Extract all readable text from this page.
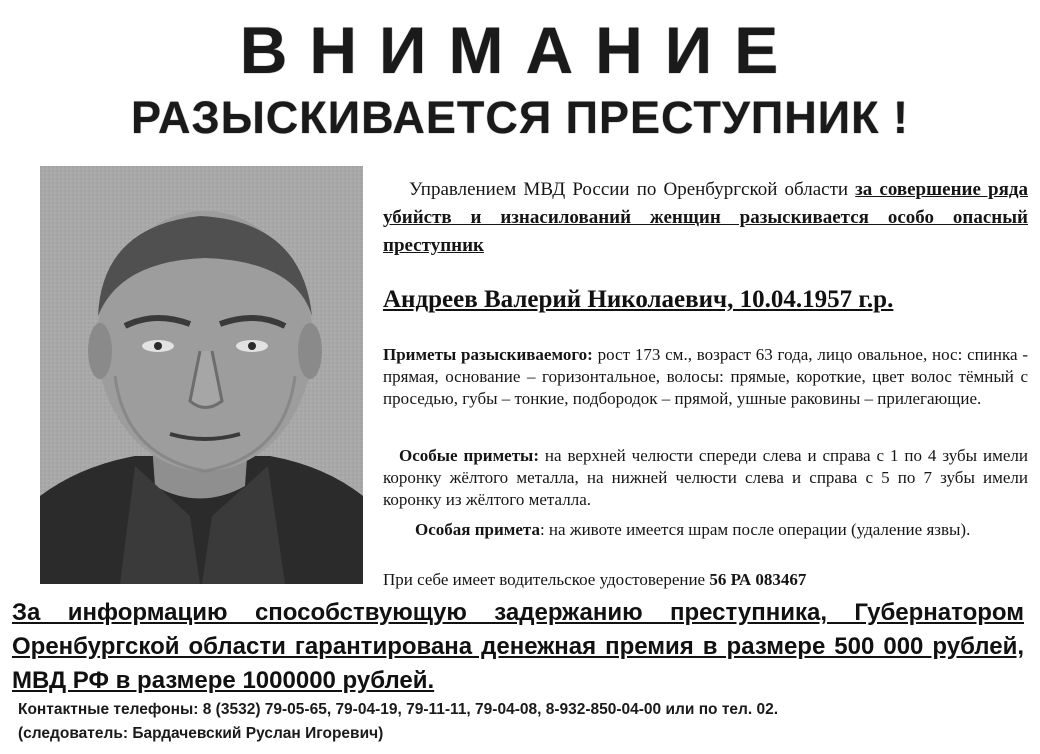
ВНИМАНИЕ
РАЗЫСКИВАЕТСЯ ПРЕСТУПНИК !
Управлением МВД России по Оренбургской области за совершение ряда убийств и изнасилований женщин разыскивается особо опасный преступник
Андреев Валерий Николаевич, 10.04.1957 г.р.
Приметы разыскиваемого: рост 173 см., возраст 63 года, лицо овальное, нос: спинка - прямая, основание – горизонтальное, волосы: прямые, короткие, цвет волос тёмный с проседью, губы – тонкие, подбородок – прямой, ушные раковины – прилегающие.
Особые приметы: на верхней челюсти спереди слева и справа с 1 по 4 зубы имели коронку жёлтого металла, на нижней челюсти слева и справа с 5 по 7 зубы имели коронку из жёлтого металла.
Особая примета: на животе имеется шрам после операции (удаление язвы).
При себе имеет водительское удостоверение 56 РА 083467
За информацию способствующую задержанию преступника, Губернатором Оренбургской области гарантирована денежная премия в размере 500 000 рублей, МВД РФ в размере 1000000 рублей.
Контактные телефоны: 8 (3532) 79-05-65, 79-04-19, 79-11-11, 79-04-08, 8-932-850-04-00 или по тел. 02.
(следователь: Бардачевский Руслан Игоревич)
